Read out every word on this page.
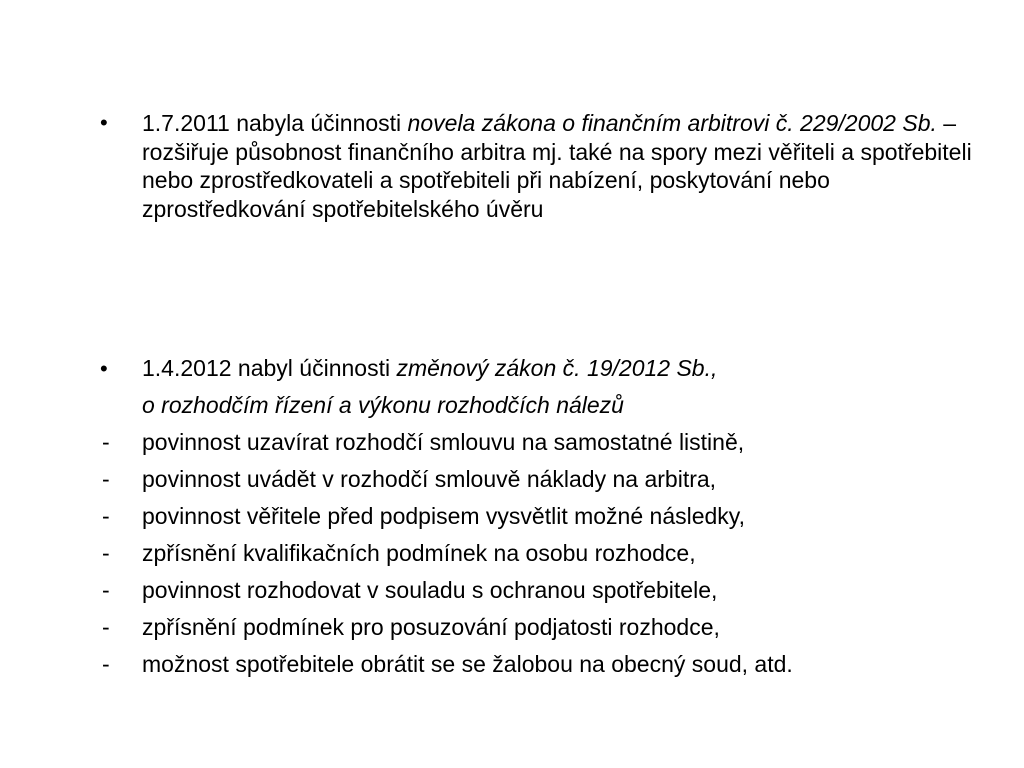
•	1.7.2011 nabyla účinnosti novela zákona o finančním arbitrovi č. 229/2002 Sb. – rozšiřuje působnost finančního arbitra mj. také na spory mezi věřiteli a spotřebiteli nebo zprostředkovateli a spotřebiteli při nabízení, poskytování nebo zprostředkování spotřebitelského úvěru
•	1.4.2012 nabyl účinnosti změnový zákon č. 19/2012 Sb.,
o rozhodčím řízení a výkonu rozhodčích nálezů
-	povinnost uzavírat rozhodčí smlouvu na samostatné listině,
-	povinnost uvádět v rozhodčí smlouvě náklady na arbitra,
-	povinnost věřitele před podpisem vysvětlit možné následky,
-	zpřísnění kvalifikačních podmínek na osobu rozhodce,
-	povinnost rozhodovat v souladu s ochranou spotřebitele,
-	zpřísnění podmínek pro posuzování podjatosti rozhodce,
-	možnost spotřebitele obrátit se se žalobou na obecný soud, atd.
